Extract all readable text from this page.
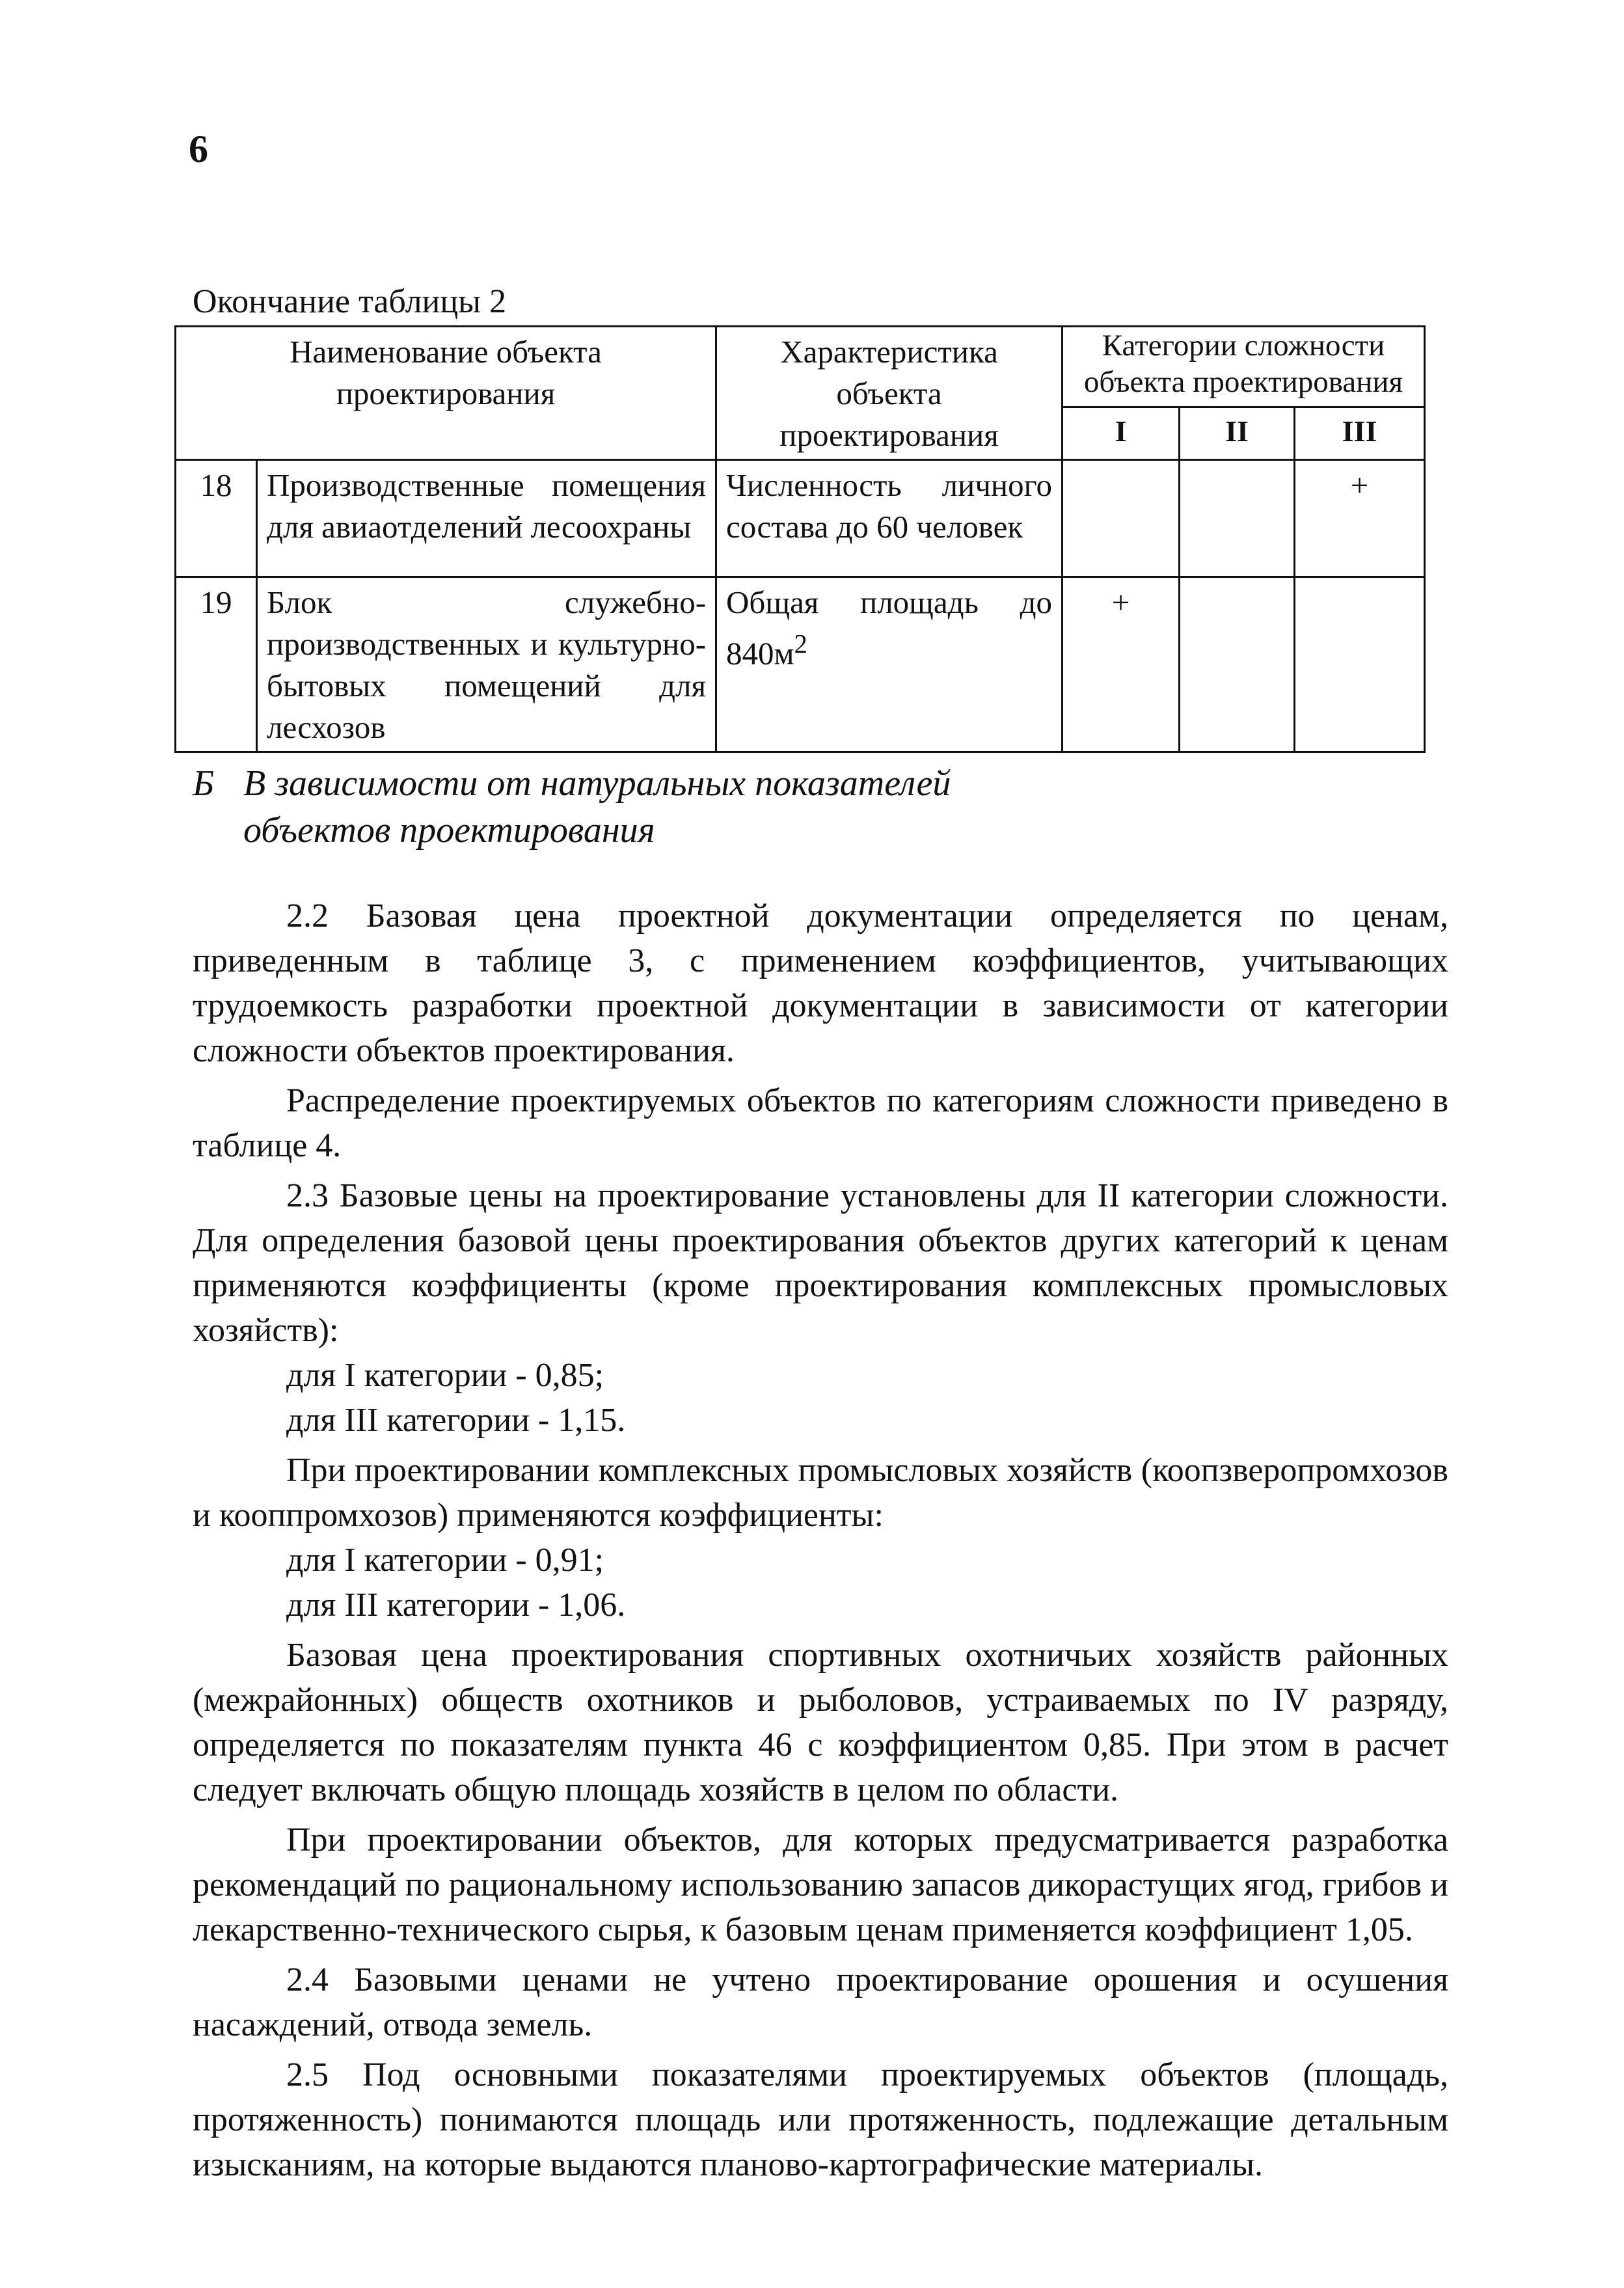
6
Окончание таблицы 2
Наименование объекта проектирования		Характеристика объекта проектирования	Категории сложности объекта проектирования		
			I	II	III
18	Производственные помещения для авиаотделений лесоохраны	Численность личного состава до 60 человек			+
19	Блок служебно-производственных и культурно-бытовых помещений для лесхозов	Общая площадь до $840м^2$	+		
Б В зависимости от натуральных показателей
объектов проектирования

2.2 Базовая цена проектной документации определяется по ценам, приведенным в таблице 3, с применением коэффициентов, учитывающих трудоемкость разработки проектной документации в зависимости от категории сложности объектов проектирования.

Распределение проектируемых объектов по категориям сложности приведено в таблице 4.

2.3 Базовые цены на проектирование установлены для II категории сложности. Для определения базовой цены проектирования объектов других категорий к ценам применяются коэффициенты (кроме проектирования комплексных промысловых хозяйств):

для I категории - 0,85;

для III категории - 1,15.

При проектировании комплексных промысловых хозяйств (коопзверопромхозов и кооппромхозов) применяются коэффициенты:

для I категории - 0,91;

для III категории - 1,06.

Базовая цена проектирования спортивных охотничьих хозяйств районных (межрайонных) обществ охотников и рыболовов, устраиваемых по IV разряду, определяется по показателям пункта 46 с коэффициентом 0,85. При этом в расчет следует включать общую площадь хозяйств в целом по области.

При проектировании объектов, для которых предусматривается разработка рекомендаций по рациональному использованию запасов дикорастущих ягод, грибов и лекарственно-технического сырья, к базовым ценам применяется коэффициент 1,05.

2.4 Базовыми ценами не учтено проектирование орошения и осушения насаждений, отвода земель.

2.5 Под основными показателями проектируемых объектов (площадь, протяженность) понимаются площадь или протяженность, подлежащие детальным изысканиям, на которые выдаются планово-картографические материалы.
